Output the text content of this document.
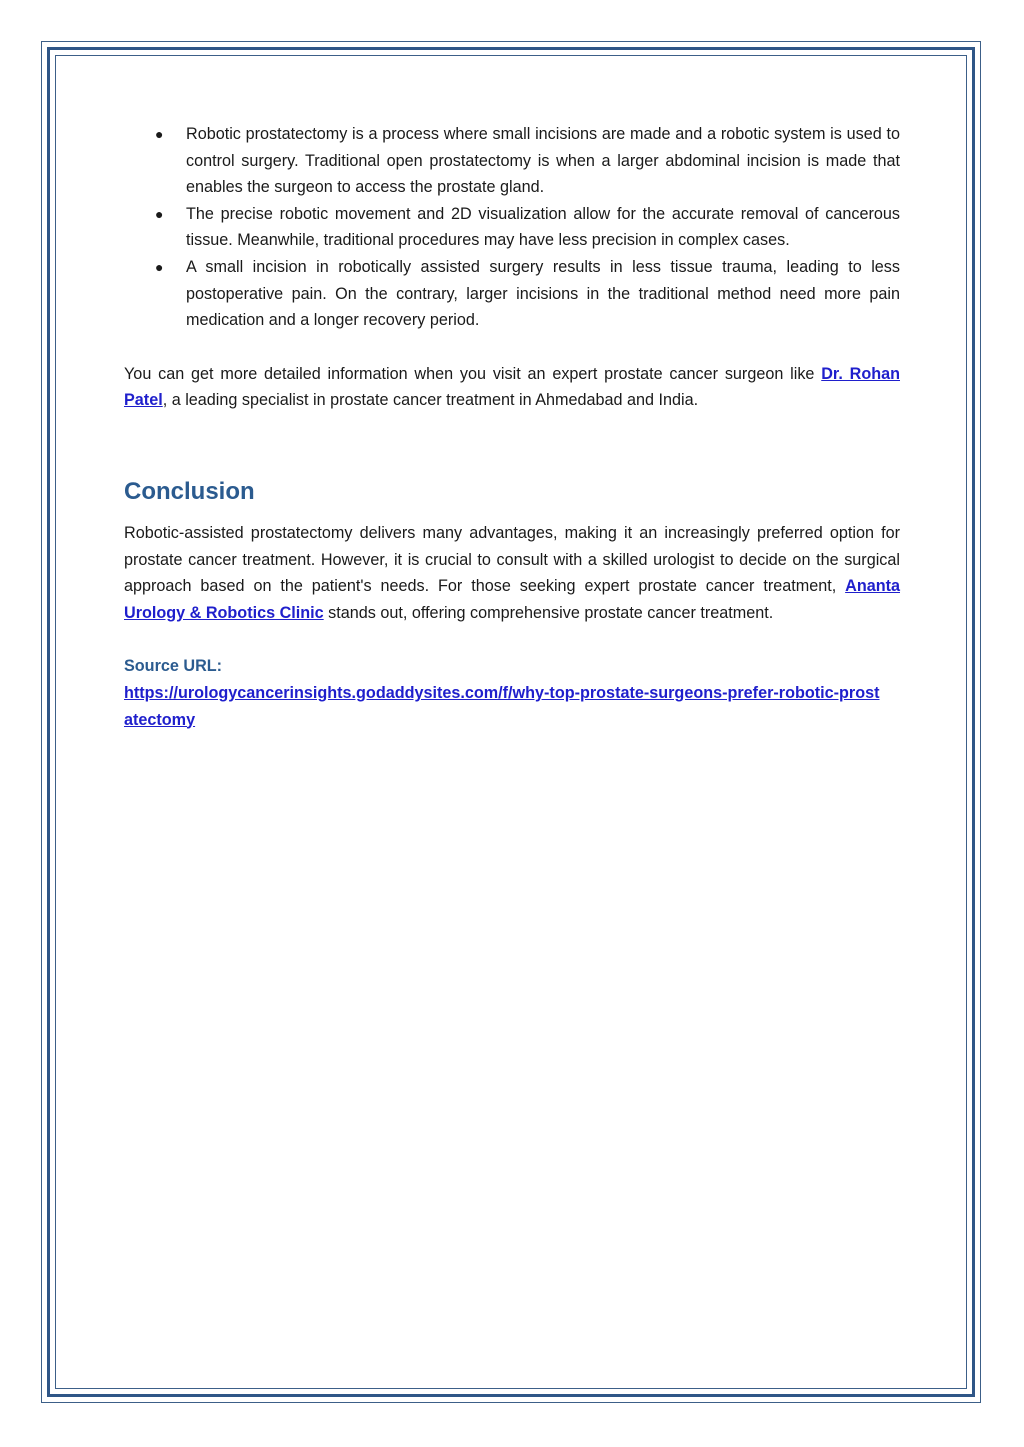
● Robotic prostatectomy is a process where small incisions are made and a robotic system is used to control surgery. Traditional open prostatectomy is when a larger abdominal incision is made that enables the surgeon to access the prostate gland.
● The precise robotic movement and 2D visualization allow for the accurate removal of cancerous tissue. Meanwhile, traditional procedures may have less precision in complex cases.
● A small incision in robotically assisted surgery results in less tissue trauma, leading to less postoperative pain. On the contrary, larger incisions in the traditional method need more pain medication and a longer recovery period.

You can get more detailed information when you visit an expert prostate cancer surgeon like Dr. Rohan Patel, a leading specialist in prostate cancer treatment in Ahmedabad and India.

Conclusion

Robotic-assisted prostatectomy delivers many advantages, making it an increasingly preferred option for prostate cancer treatment. However, it is crucial to consult with a skilled urologist to decide on the surgical approach based on the patient's needs. For those seeking expert prostate cancer treatment, Ananta Urology & Robotics Clinic stands out, offering comprehensive prostate cancer treatment.

Source URL:
https://urologycancerinsights.godaddysites.com/f/why-top-prostate-surgeons-prefer-robotic-prostatectomy
